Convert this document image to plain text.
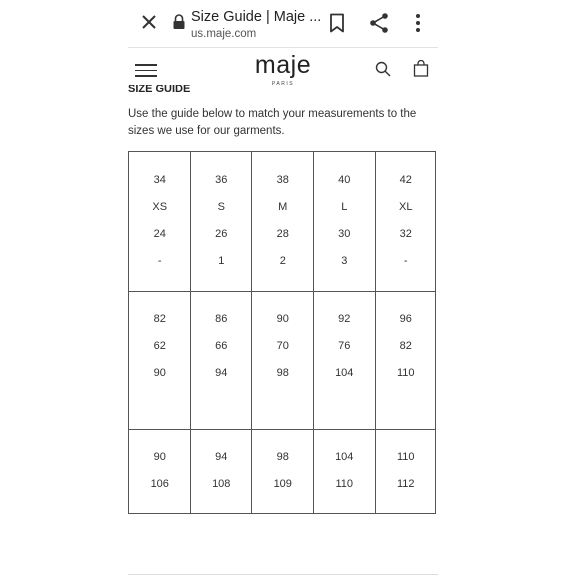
Size Guide | Maje ...
us.maje.com
maje
PARIS
SIZE GUIDE
Use the guide below to match your measurements to the sizes we use for our garments.
34
XS
24
-
82
62
90
90
106
36
S
26
1
86
66
94
94
108
38
M
28
2
90
70
98
98
109
40
L
30
3
92
76
104
104
110
42
XL
32
-
96
82
110
110
112
